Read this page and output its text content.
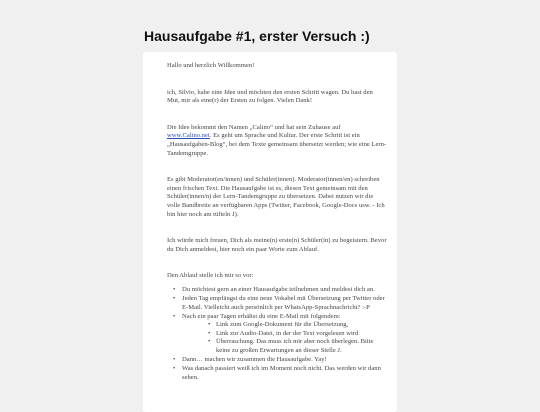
Hausaufgabe #1, erster Versuch :)

Hallo und herzlich Willkommen!

ich, Silvio, habe eine Idee und möchten den ersten Schritt wagen. Du hast den Mut, mir als eine(r) der Ersten zu folgen. Vielen Dank!

Die Idee bekommt den Namen „Calino“ und hat sein Zuhause auf
www.Calino.net. Es geht um Sprache und Kultur. Der erste Schritt ist ein „Hausaufgaben-Blog“, bei dem Texte gemeinsam übersetzt werden; wie eine Lern-Tandemgruppe.

Es gibt Moderator(en/innen) und Schüler(innen). Moderator(innen/en) schreiben einen frischen Text. Die Hausaufgabe ist es, diesen Text gemeinsam mit den Schüler(innen/n) der Lern-Tandemgruppe zu übersetzen. Dabei nutzen wir die volle Bandbreite an verfügbaren Apps (Twitter, Facebook, Google-Docs usw. - Ich bin hier noch am tüfteln J).

Ich würde mich freuen, Dich als meine(n) erste(n) Schüler(in) zu begeistern. Bevor du Dich anmeldest, hier noch ein paar Worte zum Ablauf.

Den Ablauf stelle ich mir so vor:

• Du möchtest gern an einer Hausaufgabe teilnehmen und meldest dich an.
• Jeden Tag empfängst du eine neue Vokabel mit Übersetzung per Twitter oder E-Mail. Vielleicht auch persönlich per WhatsApp-Sprachnachricht? :-P
• Nach ein paar Tagen erhältst du eine E-Mail mit folgendem:
• Link zum Google-Dokument für die Übersetzung,
• Link zur Audio-Datei, in der der Text vorgelesen wird
• Überraschung. Das muss ich mir aber noch überlegen. Bitte keine zu großen Erwartungen an dieser Stelle J.
• Dann… machen wir zusammen die Hausaufgabe. Yay!
• Was danach passiert weiß ich im Moment noch nicht. Das werden wir dann sehen.
